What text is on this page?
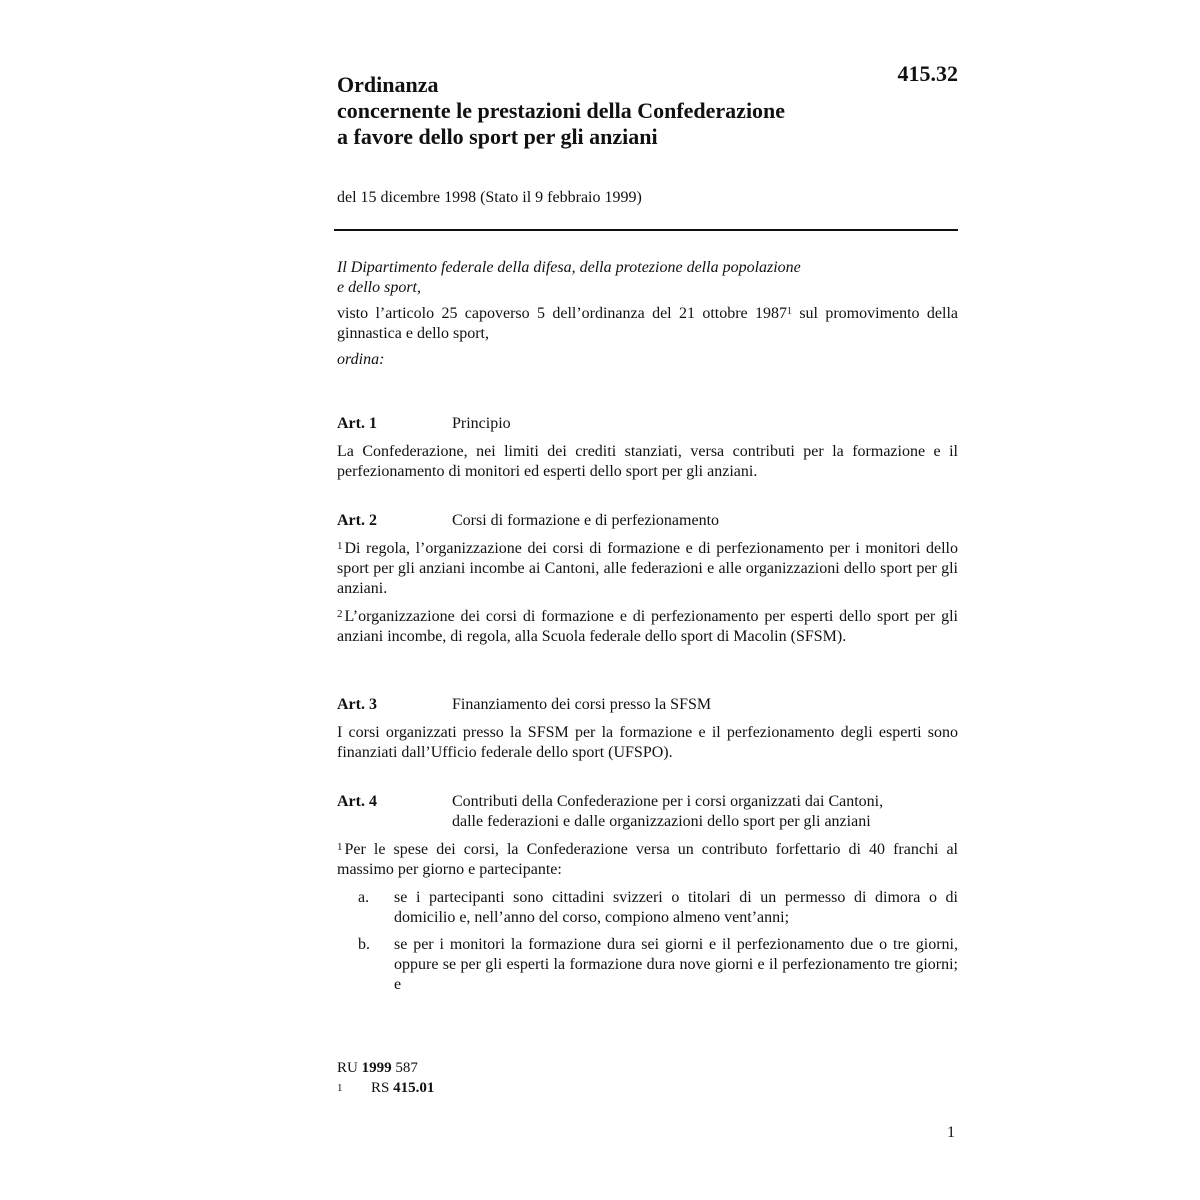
415.32
Ordinanza
concernente le prestazioni della Confederazione
a favore dello sport per gli anziani
del 15 dicembre 1998 (Stato il 9 febbraio 1999)
Il Dipartimento federale della difesa, della protezione della popolazione
e dello sport,
visto l’articolo 25 capoverso 5 dell’ordinanza del 21 ottobre 1987$^1$ sul promovimento della ginnastica e dello sport,
ordina:
Art. 1	Principio
La Confederazione, nei limiti dei crediti stanziati, versa contributi per la formazione e il perfezionamento di monitori ed esperti dello sport per gli anziani.
Art. 2	Corsi di formazione e di perfezionamento
$^1$ Di regola, l’organizzazione dei corsi di formazione e di perfezionamento per i monitori dello sport per gli anziani incombe ai Cantoni, alle federazioni e alle organizzazioni dello sport per gli anziani.
$^2$ L’organizzazione dei corsi di formazione e di perfezionamento per esperti dello sport per gli anziani incombe, di regola, alla Scuola federale dello sport di Macolin (SFSM).
Art. 3	Finanziamento dei corsi presso la SFSM
I corsi organizzati presso la SFSM per la formazione e il perfezionamento degli esperti sono finanziati dall’Ufficio federale dello sport (UFSPO).
Art. 4	Contributi della Confederazione per i corsi organizzati dai Cantoni,
dalle federazioni e dalle organizzazioni dello sport per gli anziani
$^1$ Per le spese dei corsi, la Confederazione versa un contributo forfettario di 40 franchi al massimo per giorno e partecipante:
a.	se i partecipanti sono cittadini svizzeri o titolari di un permesso di dimora o di domicilio e, nell’anno del corso, compiono almeno vent’anni;
b.	se per i monitori la formazione dura sei giorni e il perfezionamento due o tre giorni, oppure se per gli esperti la formazione dura nove giorni e il perfezionamento tre giorni; e
RU 1999 587
1	RS 415.01
1
